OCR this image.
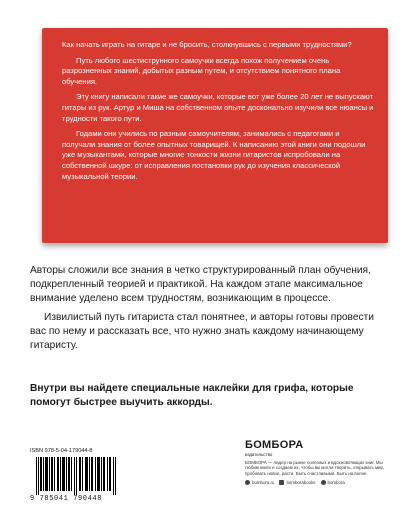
Как начать играть на гитаре и не бросить, столкнувшись с первыми трудностями?

Путь любого шестиструнного самоучки всегда похож получением очень разрозненных знаний, добытых разным путем, и отсутствием понятного плана обучения.

Эту книгу написали такие же самоучки, которые вот уже более 20 лет не выпускают гитары из рук. Артур и Миша на собственном опыте досконально изучили все нюансы и трудности такого пути.

Годами они учились по разным самоучителям, занимались с педагогами и получали знания от более опытных товарищей. К написанию этой книги они подошли уже музыкантами, которые многие тонкости жизни гитаристов испробовали на собственной шкуре: от исправления постановки рук до изучения классической музыкальной теории.

Авторы сложили все знания в четко структурированный план обучения, подкрепленный теорией и практикой. На каждом этапе максимальное внимание уделено всем трудностям, возникающим в процессе.

Извилистый путь гитариста стал понятнее, и авторы готовы провести вас по нему и рассказать все, что нужно знать каждому начинающему гитаристу.

Внутри вы найдете специальные наклейки для грифа, которые помогут быстрее выучить аккорды.
ISBN 978-5-04-179044-8
9 785041 790448
БОМБОРА
издательство
БОМБОРА — лидер на рынке полезных и вдохновляющих книг. Мы любим книги и создаем их, чтобы вы могли творить, открывать мир, пробовать новое, расти. Быть счастливыми. Быть на волне.
bombora.ru	bomborabooks	bombora
